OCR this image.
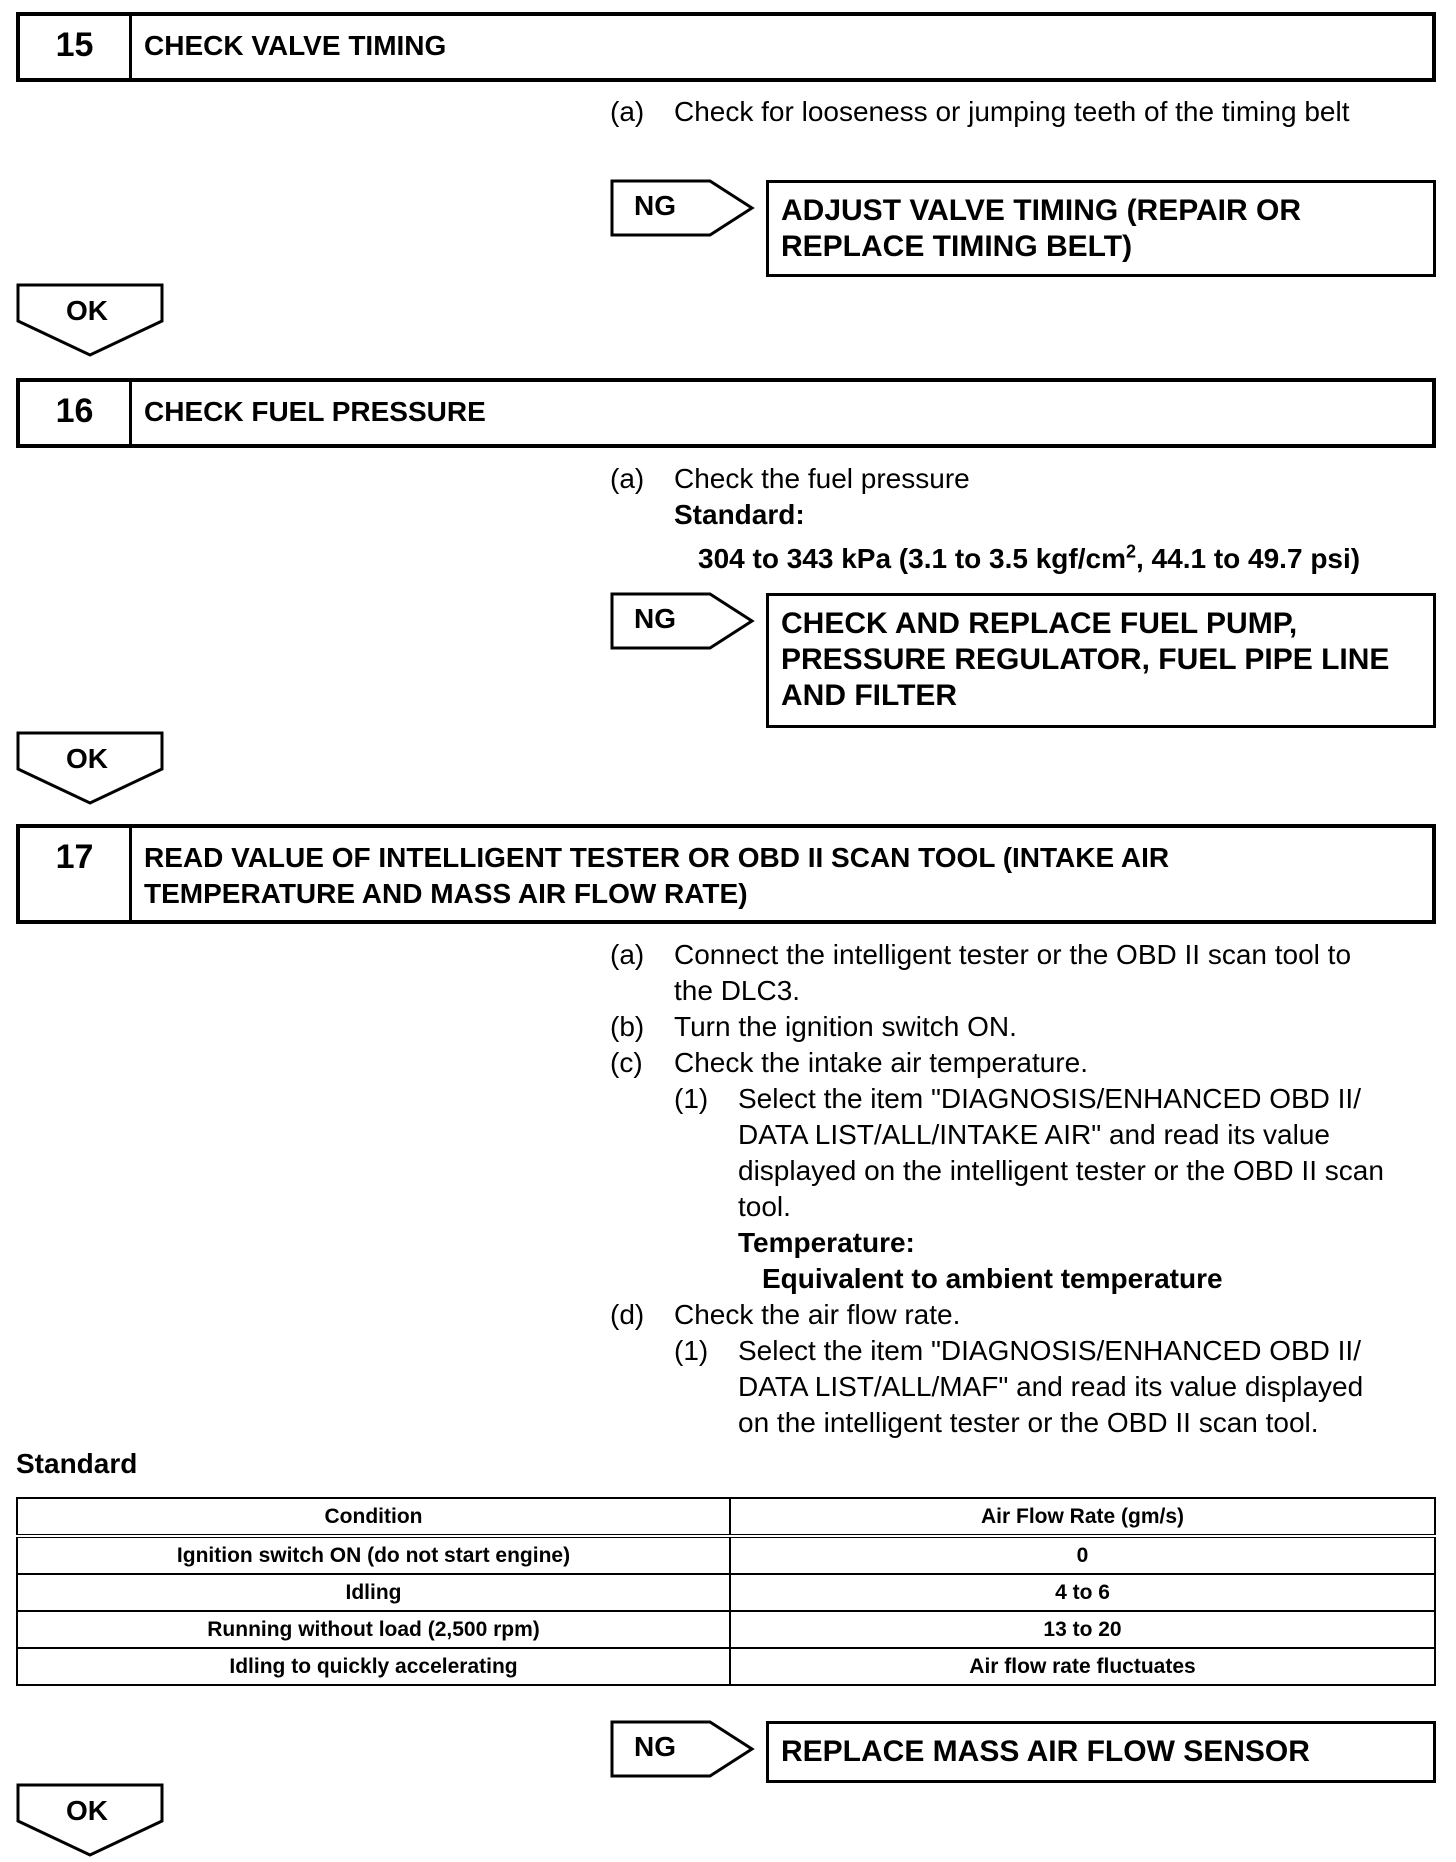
15	CHECK VALVE TIMING
(a) Check for looseness or jumping teeth of the timing belt
NG	ADJUST VALVE TIMING (REPAIR OR
REPLACE TIMING BELT)
OK
16	CHECK FUEL PRESSURE
(a) Check the fuel pressure
Standard:
304 to 343 kPa (3.1 to 3.5 kgf/$cm^2$, 44.1 to 49.7 psi)
NG	CHECK AND REPLACE FUEL PUMP,
PRESSURE REGULATOR, FUEL PIPE LINE
AND FILTER
OK
17	READ VALUE OF INTELLIGENT TESTER OR OBD II SCAN TOOL (INTAKE AIR
TEMPERATURE AND MASS AIR FLOW RATE)
(a) Connect the intelligent tester or the OBD II scan tool to
the DLC3.
(b) Turn the ignition switch ON.
(c) Check the intake air temperature.
(1) Select the item "DIAGNOSIS/ENHANCED OBD II/
DATA LIST/ALL/INTAKE AIR" and read its value
displayed on the intelligent tester or the OBD II scan
tool.
Temperature:
Equivalent to ambient temperature
(d) Check the air flow rate.
(1) Select the item "DIAGNOSIS/ENHANCED OBD II/
DATA LIST/ALL/MAF" and read its value displayed
on the intelligent tester or the OBD II scan tool.
Standard
Condition	Air Flow Rate (gm/s)
Ignition switch ON (do not start engine)	0
Idling	4 to 6
Running without load (2,500 rpm)	13 to 20
Idling to quickly accelerating	Air flow rate fluctuates
NG	REPLACE MASS AIR FLOW SENSOR
OK
